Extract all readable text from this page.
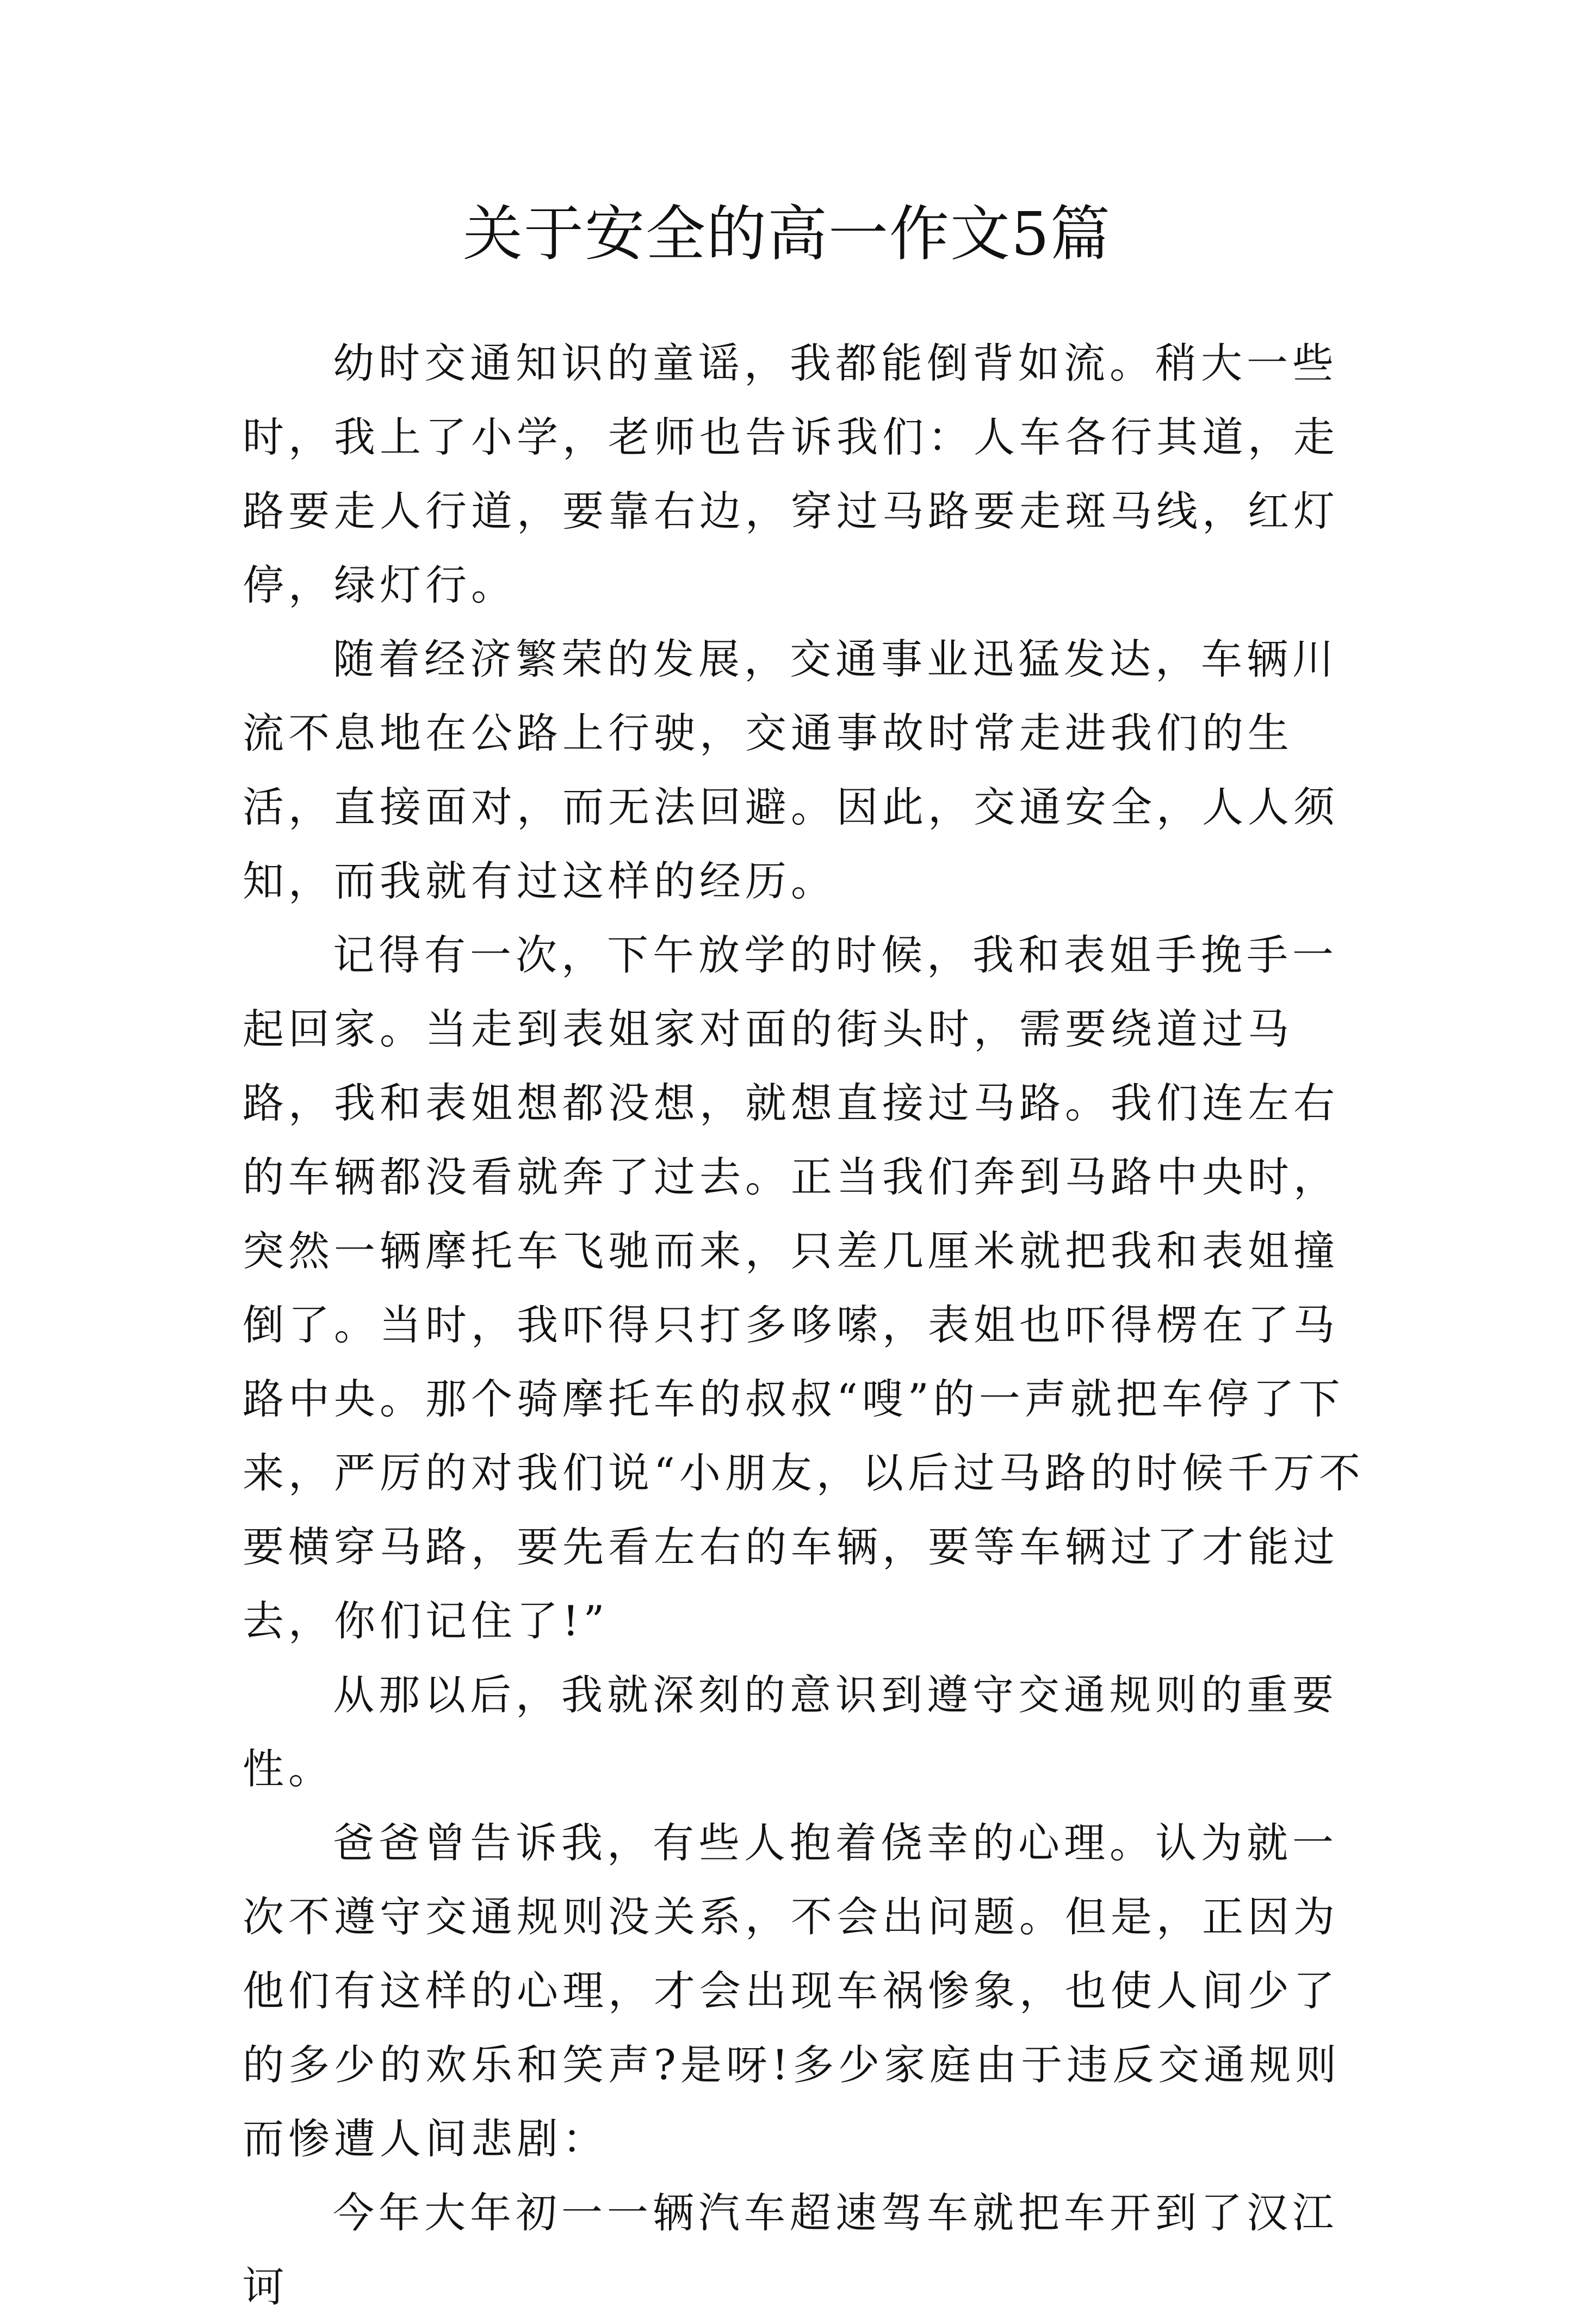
关于安全的高一作文5篇

幼时交通知识的童谣，我都能倒背如流。稍大一些时，我上了小学，老师也告诉我们：人车各行其道，走路要走人行道，要靠右边，穿过马路要走斑马线，红灯停，绿灯行。

随着经济繁荣的发展，交通事业迅猛发达，车辆川流不息地在公路上行驶，交通事故时常走进我们的生活，直接面对，而无法回避。因此，交通安全，人人须知，而我就有过这样的经历。

记得有一次，下午放学的时候，我和表姐手挽手一起回家。当走到表姐家对面的街头时，需要绕道过马路，我和表姐想都没想，就想直接过马路。我们连左右的车辆都没看就奔了过去。正当我们奔到马路中央时，突然一辆摩托车飞驰而来，只差几厘米就把我和表姐撞倒了。当时，我吓得只打多哆嗦，表姐也吓得楞在了马路中央。那个骑摩托车的叔叔“嗖”的一声就把车停了下来，严厉的对我们说“小朋友，以后过马路的时候千万不要横穿马路，要先看左右的车辆，要等车辆过了才能过去，你们记住了!”

从那以后，我就深刻的意识到遵守交通规则的重要性。

爸爸曾告诉我，有些人抱着侥幸的心理。认为就一次不遵守交通规则没关系，不会出问题。但是，正因为他们有这样的心理，才会出现车祸惨象，也使人间少了的多少的欢乐和笑声?是呀!多少家庭由于违反交通规则而惨遭人间悲剧：

今年大年初一一辆汽车超速驾车就把车开到了汉江诃
